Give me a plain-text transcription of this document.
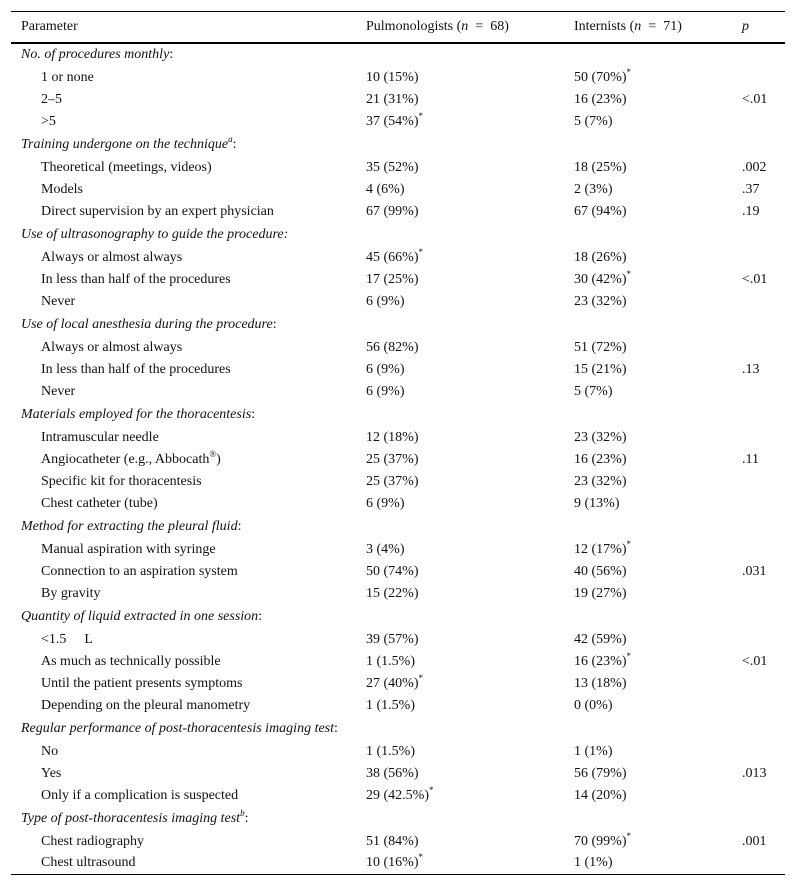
Parameter	Pulmonologists (n = 68)	Internists (n = 71)	p
No. of procedures monthly:			
1 or none	10 (15%)	50 (70%)*	
2–5	21 (31%)	16 (23%)	<.01
>5	37 (54%)*	5 (7%)	
Training undergone on the technique$^a$:			
Theoretical (meetings, videos)	35 (52%)	18 (25%)	.002
Models	4 (6%)	2 (3%)	.37
Direct supervision by an expert physician	67 (99%)	67 (94%)	.19
Use of ultrasonography to guide the procedure:			
Always or almost always	45 (66%)*	18 (26%)	
In less than half of the procedures	17 (25%)	30 (42%)*	<.01
Never	6 (9%)	23 (32%)	
Use of local anesthesia during the procedure:			
Always or almost always	56 (82%)	51 (72%)	
In less than half of the procedures	6 (9%)	15 (21%)	.13
Never	6 (9%)	5 (7%)	
Materials employed for the thoracentesis:			
Intramuscular needle	12 (18%)	23 (32%)	
Angiocatheter (e.g., Abbocath®)	25 (37%)	16 (23%)	.11
Specific kit for thoracentesis	25 (37%)	23 (32%)	
Chest catheter (tube)	6 (9%)	9 (13%)	
Method for extracting the pleural fluid:			
Manual aspiration with syringe	3 (4%)	12 (17%)*	
Connection to an aspiration system	50 (74%)	40 (56%)	.031
By gravity	15 (22%)	19 (27%)	
Quantity of liquid extracted in one session:			
<1.5 L	39 (57%)	42 (59%)	
As much as technically possible	1 (1.5%)	16 (23%)*	<.01
Until the patient presents symptoms	27 (40%)*	13 (18%)	
Depending on the pleural manometry	1 (1.5%)	0 (0%)	
Regular performance of post-thoracentesis imaging test:			
No	1 (1.5%)	1 (1%)	
Yes	38 (56%)	56 (79%)	.013
Only if a complication is suspected	29 (42.5%)*	14 (20%)	
Type of post-thoracentesis imaging test$^b$:			
Chest radiography	51 (84%)	70 (99%)*	.001
Chest ultrasound	10 (16%)*	1 (1%)	
